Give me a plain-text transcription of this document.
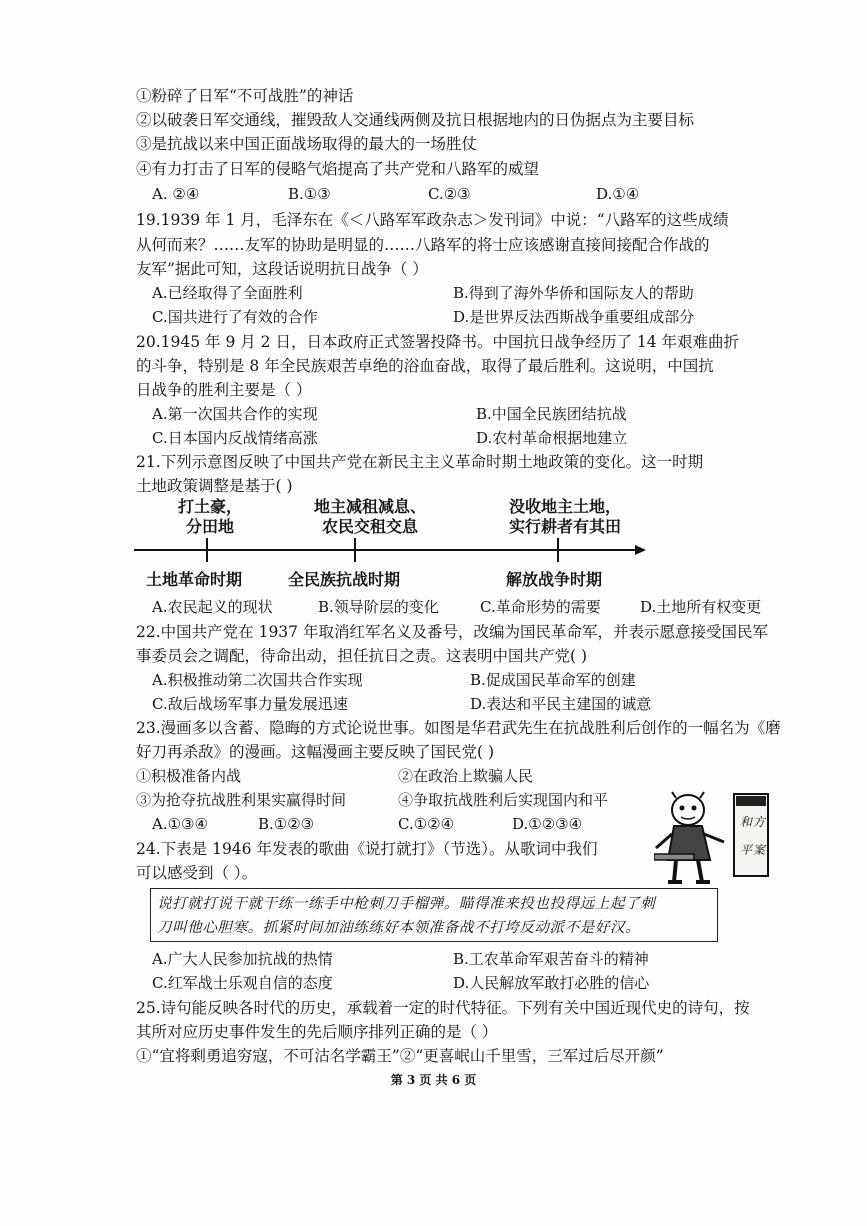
①粉碎了日军“不可战胜”的神话
②以破袭日军交通线，摧毁敌人交通线两侧及抗日根据地内的日伪据点为主要目标
③是抗战以来中国正面战场取得的最大的一场胜仗
④有力打击了日军的侵略气焰提高了共产党和八路军的威望
A. ②④	B.①③	C.②③	D.①④
19.1939 年 1 月，毛泽东在《＜八路军军政杂志＞发刊词》中说：“八路军的这些成绩
从何而来？……友军的协助是明显的……八路军的将士应该感谢直接间接配合作战的
友军”据此可知，这段话说明抗日战争（ ）
A.已经取得了全面胜利	B.得到了海外华侨和国际友人的帮助
C.国共进行了有效的合作	D.是世界反法西斯战争重要组成部分
20.1945 年 9 月 2 日，日本政府正式签署投降书。中国抗日战争经历了 14 年艰难曲折
的斗争，特别是 8 年全民族艰苦卓绝的浴血奋战，取得了最后胜利。这说明，中国抗
日战争的胜利主要是（ ）
A.第一次国共合作的实现	B.中国全民族团结抗战
C.日本国内反战情绪高涨	D.农村革命根据地建立
21.下列示意图反映了中国共产党在新民主主义革命时期土地政策的变化。这一时期
土地政策调整是基于( )
打土豪，
分田地
地主减租减息、
农民交租交息
没收地主土地，
实行耕者有其田
土地革命时期	全民族抗战时期	解放战争时期
A.农民起义的现状	B.领导阶层的变化	C.革命形势的需要	D.土地所有权变更
22.中国共产党在 1937 年取消红军名义及番号，改编为国民革命军，并表示愿意接受国民军
事委员会之调配，待命出动，担任抗日之责。这表明中国共产党( )
A.积极推动第二次国共合作实现	B.促成国民革命军的创建
C.敌后战场军事力量发展迅速	D.表达和平民主建国的诚意
23.漫画多以含蓄、隐晦的方式论说世事。如图是华君武先生在抗战胜利后创作的一幅名为《磨
好刀再杀敌》的漫画。这幅漫画主要反映了国民党( )
①积极准备内战	②在政治上欺骗人民
③为抢夺抗战胜利果实赢得时间	④争取抗战胜利后实现国内和平
A.①③④	B.①②③	C.①②④	D.①②③④	和 方
平 案
24.下表是 1946 年发表的歌曲《说打就打》（节选）。从歌词中我们
可以感受到（ ）。
说打就打说干就干练一练手中枪刺刀手榴弹。瞄得准来投也投得远上起了刺
刀叫他心胆寒。抓紧时间加油练练好本领准备战不打垮反动派不是好汉。
A.广大人民参加抗战的热情	B.工农革命军艰苦奋斗的精神
C.红军战士乐观自信的态度	D.人民解放军敢打必胜的信心
25.诗句能反映各时代的历史，承载着一定的时代特征。下列有关中国近现代史的诗句，按
其所对应历史事件发生的先后顺序排列正确的是（ ）
①“宜将剩勇追穷寇，不可沽名学霸王”②“更喜岷山千里雪，三军过后尽开颜”
第 3 页 共 6 页
